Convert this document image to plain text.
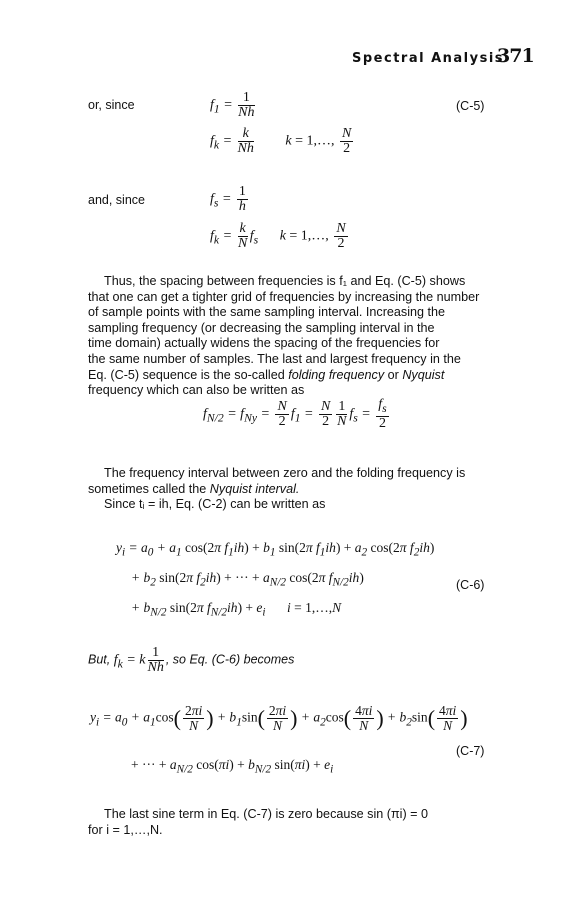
Spectral Analysis
371
or, since	$f_1 = \frac{1}{Nh}$	(C-5)
$f_k = \frac{k}{Nh}$ k = 1,…, $\frac{N}{2}$
and, since	$f_s = \frac{1}{h}$
$f_k = \frac{k}{N} f_s$ k = 1,…, $\frac{N}{2}$
Thus, the spacing between frequencies is f₁ and Eq. (C-5) shows
that one can get a tighter grid of frequencies by increasing the number
of sample points with the same sampling interval. Increasing the
sampling frequency (or decreasing the sampling interval in the
time domain) actually widens the spacing of the frequencies for
the same number of samples. The last and largest frequency in the
Eq. (C-5) sequence is the so-called folding frequency or Nyquist
frequency which can also be written as
$f_{N/2} = f_{Ny} = \frac{N}{2} f_1 = \frac{N}{2} \frac{1}{N} f_s = \frac{f_s}{2}$
The frequency interval between zero and the folding frequency is
sometimes called the Nyquist interval.
Since tᵢ = ih, Eq. (C-2) can be written as
$y_i = a_0 + a_1$ cos(2π $f_1ih) + b_1$ sin(2π $f_1ih) + a_2$ cos(2π $f_2ih$)
+ $b_2$ sin(2π $f_2ih$) + ··· + $a_{N/2}$ cos(2π $f_{N/2}ih$)	(C-6)
+ $b_{N/2}$ sin(2π $f_{N/2}ih) + e_i$ i = 1,…,N
But, $f_k = k \frac{1}{Nh}$ , so Eq. (C-6) becomes
$y_i = a_0 + a_1\cos( \frac{2\pi i}{N}$ ) + $b_1\sin( \frac{2\pi i}{N}$ ) + $a_2\cos( \frac{4\pi i}{N}$ ) + $b_2\sin( \frac{4\pi i}{N}$ )
+ ··· + $a_{N/2}$ $\cos(\pi i) + b_{N/2}$ $\sin(\pi i) + e_i$
(C-7)
The last sine term in Eq. (C-7) is zero because sin (πi) = 0
for i = 1,…,N.
